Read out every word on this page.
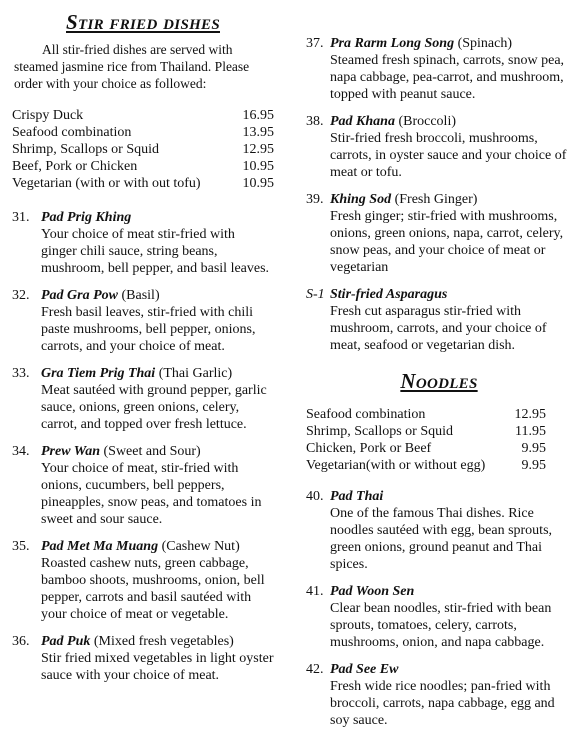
Stir fried dishes
All stir-fried dishes are served with steamed jasmine rice from Thailand. Please order with your choice as followed:
Crispy Duck	16.95
Seafood combination	13.95
Shrimp, Scallops or Squid	12.95
Beef, Pork or Chicken	10.95
Vegetarian (with or with out tofu)	10.95
31. Pad Prig Khing
Your choice of meat stir-fried with ginger chili sauce, string beans, mushroom, bell pepper, and basil leaves.
32. Pad Gra Pow (Basil)
Fresh basil leaves, stir-fried with chili paste mushrooms, bell pepper, onions, carrots, and your choice of meat.
33. Gra Tiem Prig Thai (Thai Garlic)
Meat sautéed with ground pepper, garlic sauce, onions, green onions, celery, carrot, and topped over fresh lettuce.
34. Prew Wan (Sweet and Sour)
Your choice of meat, stir-fried with onions, cucumbers, bell peppers, pineapples, snow peas, and tomatoes in sweet and sour sauce.
35. Pad Met Ma Muang (Cashew Nut)
Roasted cashew nuts, green cabbage, bamboo shoots, mushrooms, onion, bell pepper, carrots and basil sautéed with your choice of meat or vegetable.
36. Pad Puk (Mixed fresh vegetables)
Stir fried mixed vegetables in light oyster sauce with your choice of meat.
37. Pra Rarm Long Song (Spinach)
Steamed fresh spinach, carrots, snow pea, napa cabbage, pea-carrot, and mushroom, topped with peanut sauce.
38. Pad Khana (Broccoli)
Stir-fried fresh broccoli, mushrooms, carrots, in oyster sauce and your choice of meat or tofu.
39. Khing Sod (Fresh Ginger)
Fresh ginger; stir-fried with mushrooms, onions, green onions, napa, carrot, celery, snow peas, and your choice of meat or vegetarian
S-1 Stir-fried Asparagus
Fresh cut asparagus stir-fried with mushroom, carrots, and your choice of meat, seafood or vegetarian dish.
Noodles
Seafood combination	12.95
Shrimp, Scallops or Squid	11.95
Chicken, Pork or Beef	9.95
Vegetarian(with or without egg)	9.95
40. Pad Thai
One of the famous Thai dishes. Rice noodles sautéed with egg, bean sprouts, green onions, ground peanut and Thai spices.
41. Pad Woon Sen
Clear bean noodles, stir-fried with bean sprouts, tomatoes, celery, carrots, mushrooms, onion, and napa cabbage.
42. Pad See Ew
Fresh wide rice noodles; pan-fried with broccoli, carrots, napa cabbage, egg and soy sauce.
